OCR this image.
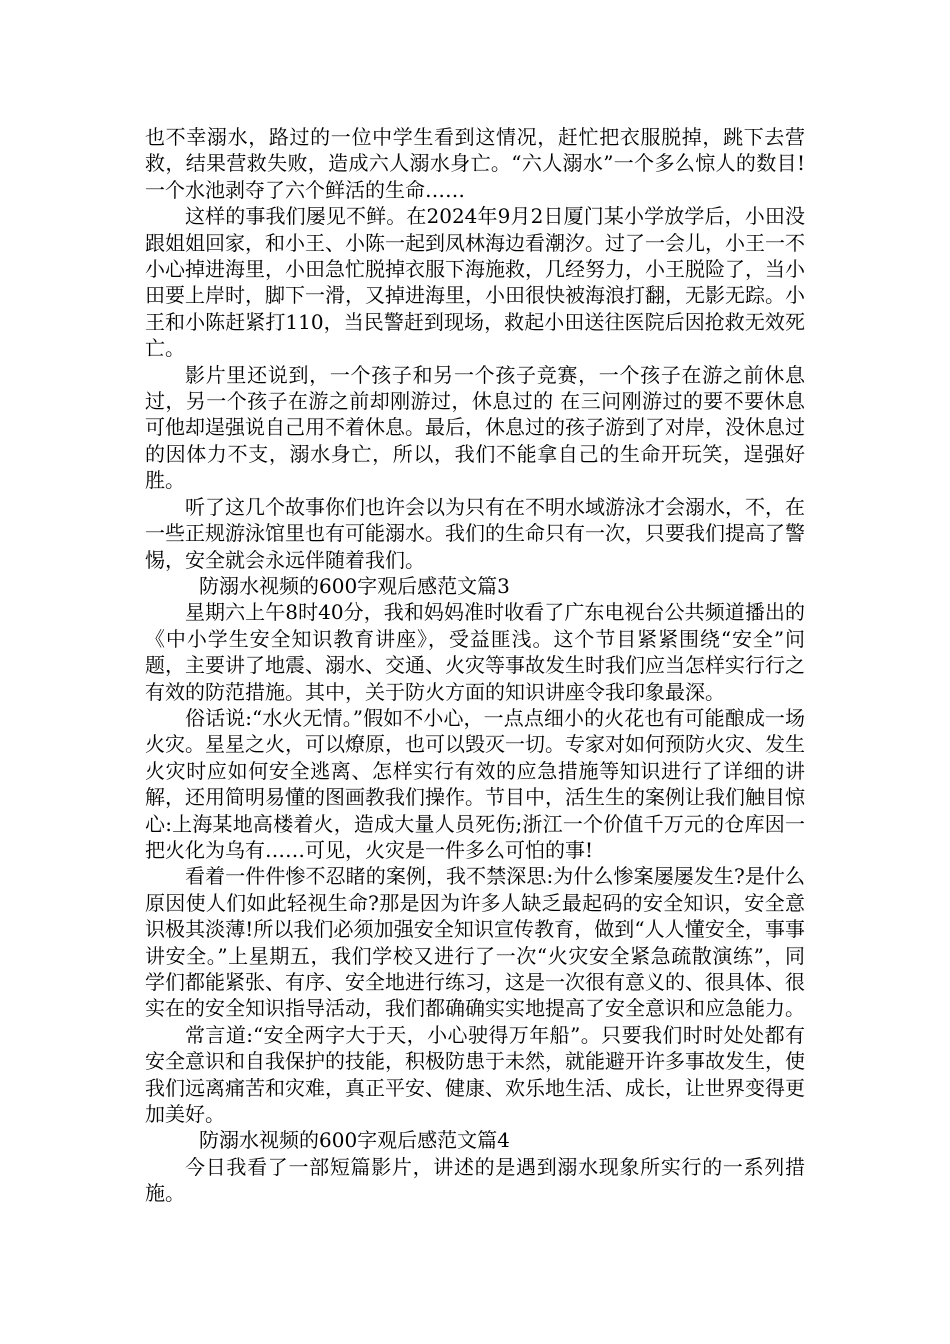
也不幸溺水，路过的一位中学生看到这情况，赶忙把衣服脱掉，跳下去营救，结果营救失败，造成六人溺水身亡。“六人溺水”一个多么惊人的数目!一个水池剥夺了六个鲜活的生命……

这样的事我们屡见不鲜。在2024年9月2日厦门某小学放学后，小田没跟姐姐回家，和小王、小陈一起到凤林海边看潮汐。过了一会儿，小王一不小心掉进海里，小田急忙脱掉衣服下海施救，几经努力，小王脱险了，当小田要上岸时，脚下一滑，又掉进海里，小田很快被海浪打翻，无影无踪。小王和小陈赶紧打110，当民警赶到现场，救起小田送往医院后因抢救无效死亡。

影片里还说到，一个孩子和另一个孩子竞赛，一个孩子在游之前休息过，另一个孩子在游之前却刚游过，休息过的 在三问刚游过的要不要休息可他却逞强说自己用不着休息。最后，休息过的孩子游到了对岸，没休息过的因体力不支，溺水身亡，所以，我们不能拿自己的生命开玩笑，逞强好胜。

听了这几个故事你们也许会以为只有在不明水域游泳才会溺水，不，在一些正规游泳馆里也有可能溺水。我们的生命只有一次，只要我们提高了警惕，安全就会永远伴随着我们。

防溺水视频的600字观后感范文篇3

星期六上午8时40分，我和妈妈准时收看了广东电视台公共频道播出的《中小学生安全知识教育讲座》，受益匪浅。这个节目紧紧围绕“安全”问题，主要讲了地震、溺水、交通、火灾等事故发生时我们应当怎样实行行之有效的防范措施。其中，关于防火方面的知识讲座令我印象最深。

俗话说:“水火无情。”假如不小心，一点点细小的火花也有可能酿成一场火灾。星星之火，可以燎原，也可以毁灭一切。专家对如何预防火灾、发生火灾时应如何安全逃离、怎样实行有效的应急措施等知识进行了详细的讲解，还用简明易懂的图画教我们操作。节目中，活生生的案例让我们触目惊心:上海某地高楼着火，造成大量人员死伤;浙江一个价值千万元的仓库因一把火化为乌有……可见，火灾是一件多么可怕的事!

看着一件件惨不忍睹的案例，我不禁深思:为什么惨案屡屡发生?是什么原因使人们如此轻视生命?那是因为许多人缺乏最起码的安全知识，安全意识极其淡薄!所以我们必须加强安全知识宣传教育，做到“人人懂安全，事事讲安全。”上星期五，我们学校又进行了一次“火灾安全紧急疏散演练”，同学们都能紧张、有序、安全地进行练习，这是一次很有意义的、很具体、很实在的安全知识指导活动，我们都确确实实地提高了安全意识和应急能力。

常言道:“安全两字大于天，小心驶得万年船”。只要我们时时处处都有安全意识和自我保护的技能，积极防患于未然，就能避开许多事故发生，使我们远离痛苦和灾难，真正平安、健康、欢乐地生活、成长，让世界变得更加美好。

防溺水视频的600字观后感范文篇4

今日我看了一部短篇影片，讲述的是遇到溺水现象所实行的一系列措施。
